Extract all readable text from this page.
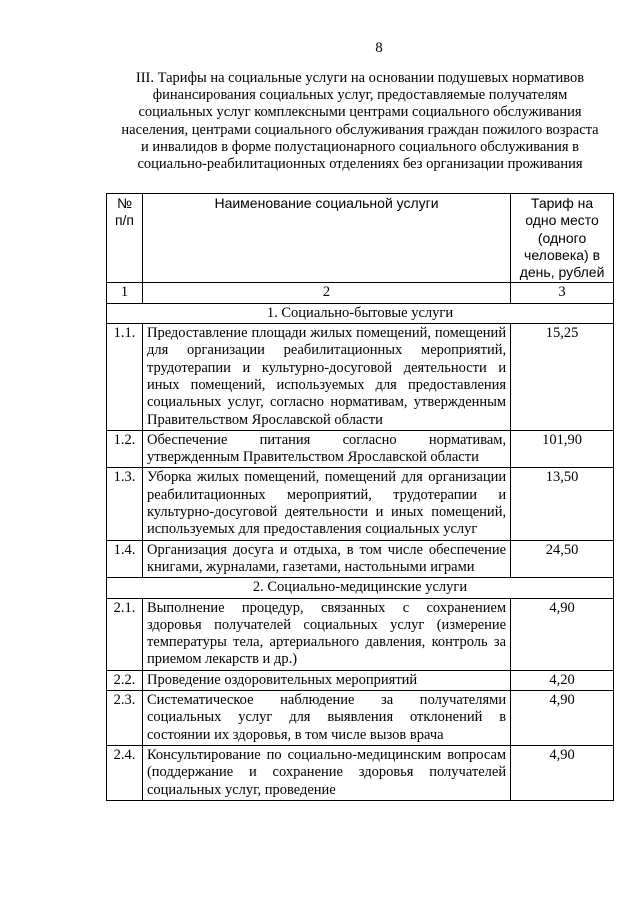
8
III. Тарифы на социальные услуги на основании подушевых нормативов
финансирования социальных услуг, предоставляемые получателям
социальных услуг комплексными центрами социального обслуживания
населения, центрами социального обслуживания граждан пожилого возраста
и инвалидов в форме полустационарного социального обслуживания в
социально-реабилитационных отделениях без организации проживания
№ п/п	Наименование социальной услуги	Тариф на одно место (одного человека) в день, рублей
1	2	3
1. Социально-бытовые услуги		
1.1.	Предоставление площади жилых помещений, помещений для организации реабилитационных мероприятий, трудотерапии и культурно-досуговой деятельности и иных помещений, используемых для предоставления социальных услуг, согласно нормативам, утвержденным Правительством Ярославской области	15,25
1.2.	Обеспечение питания согласно нормативам, утвержденным Правительством Ярославской области	101,90
1.3.	Уборка жилых помещений, помещений для организации реабилитационных мероприятий, трудотерапии и культурно-досуговой деятельности и иных помещений, используемых для предоставления социальных услуг	13,50
1.4.	Организация досуга и отдыха, в том числе обеспечение книгами, журналами, газетами, настольными играми	24,50
2. Социально-медицинские услуги		
2.1.	Выполнение процедур, связанных с сохранением здоровья получателей социальных услуг (измерение температуры тела, артериального давления, контроль за приемом лекарств и др.)	4,90
2.2.	Проведение оздоровительных мероприятий	4,20
2.3.	Систематическое наблюдение за получателями социальных услуг для выявления отклонений в состоянии их здоровья, в том числе вызов врача	4,90
2.4.	Консультирование по социально-медицинским вопросам (поддержание и сохранение здоровья получателей социальных услуг, проведение	4,90
